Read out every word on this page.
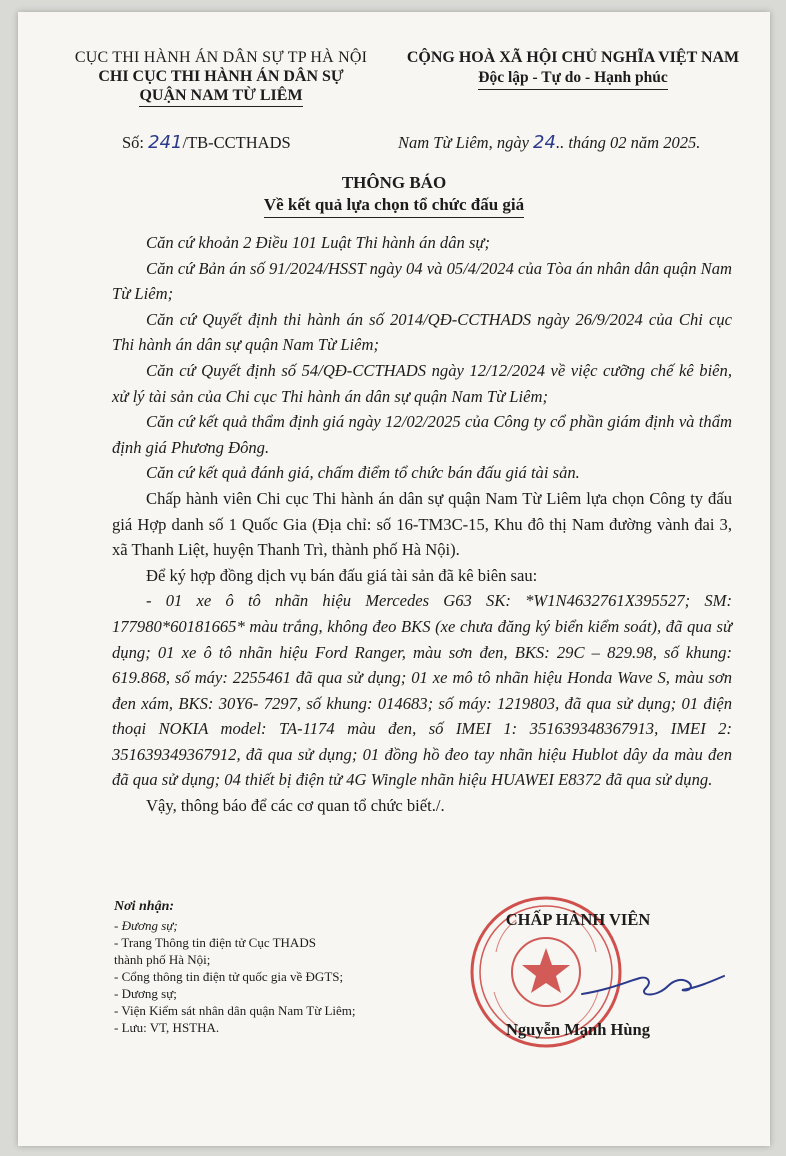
CỤC THI HÀNH ÁN DÂN SỰ TP HÀ NỘI
CHI CỤC THI HÀNH ÁN DÂN SỰ
QUẬN NAM TỪ LIÊM
CỘNG HOÀ XÃ HỘI CHỦ NGHĨA VIỆT NAM
Độc lập - Tự do - Hạnh phúc
Số: 241/TB-CCTHADS	Nam Từ Liêm, ngày 24.. tháng 02 năm 2025.
THÔNG BÁO
Về kết quả lựa chọn tổ chức đấu giá

Căn cứ khoản 2 Điều 101 Luật Thi hành án dân sự;

Căn cứ Bản án số 91/2024/HSST ngày 04 và 05/4/2024 của Tòa án nhân dân quận Nam Từ Liêm;

Căn cứ Quyết định thi hành án số 2014/QĐ-CCTHADS ngày 26/9/2024 của Chi cục Thi hành án dân sự quận Nam Từ Liêm;

Căn cứ Quyết định số 54/QĐ-CCTHADS ngày 12/12/2024 về việc cưỡng chế kê biên, xử lý tài sản của Chi cục Thi hành án dân sự quận Nam Từ Liêm;

Căn cứ kết quả thẩm định giá ngày 12/02/2025 của Công ty cổ phần giám định và thẩm định giá Phương Đông.

Căn cứ kết quả đánh giá, chấm điểm tổ chức bán đấu giá tài sản.

Chấp hành viên Chi cục Thi hành án dân sự quận Nam Từ Liêm lựa chọn Công ty đấu giá Hợp danh số 1 Quốc Gia (Địa chỉ: số 16-TM3C-15, Khu đô thị Nam đường vành đai 3, xã Thanh Liệt, huyện Thanh Trì, thành phố Hà Nội).

Để ký hợp đồng dịch vụ bán đấu giá tài sản đã kê biên sau:

- 01 xe ô tô nhãn hiệu Mercedes G63 SK: *W1N4632761X395527; SM: 177980*60181665* màu trắng, không đeo BKS (xe chưa đăng ký biển kiểm soát), đã qua sử dụng; 01 xe ô tô nhãn hiệu Ford Ranger, màu sơn đen, BKS: 29C – 829.98, số khung: 619.868, số máy: 2255461 đã qua sử dụng; 01 xe mô tô nhãn hiệu Honda Wave S, màu sơn đen xám, BKS: 30Y6- 7297, số khung: 014683; số máy: 1219803, đã qua sử dụng; 01 điện thoại NOKIA model: TA-1174 màu đen, số IMEI 1: 351639348367913, IMEI 2: 351639349367912, đã qua sử dụng; 01 đồng hồ đeo tay nhãn hiệu Hublot dây da màu đen đã qua sử dụng; 04 thiết bị điện tử 4G Wingle nhãn hiệu HUAWEI E8372 đã qua sử dụng.

Vậy, thông báo để các cơ quan tổ chức biết./.

Nơi nhận:
- Đương sự;
- Trang Thông tin điện tử Cục THADS
thành phố Hà Nội;
- Cổng thông tin điện tử quốc gia về ĐGTS;
- Dương sự;
- Viện Kiểm sát nhân dân quận Nam Từ Liêm;
- Lưu: VT, HSTHA.
CHẤP HÀNH VIÊN
Nguyễn Mạnh Hùng
